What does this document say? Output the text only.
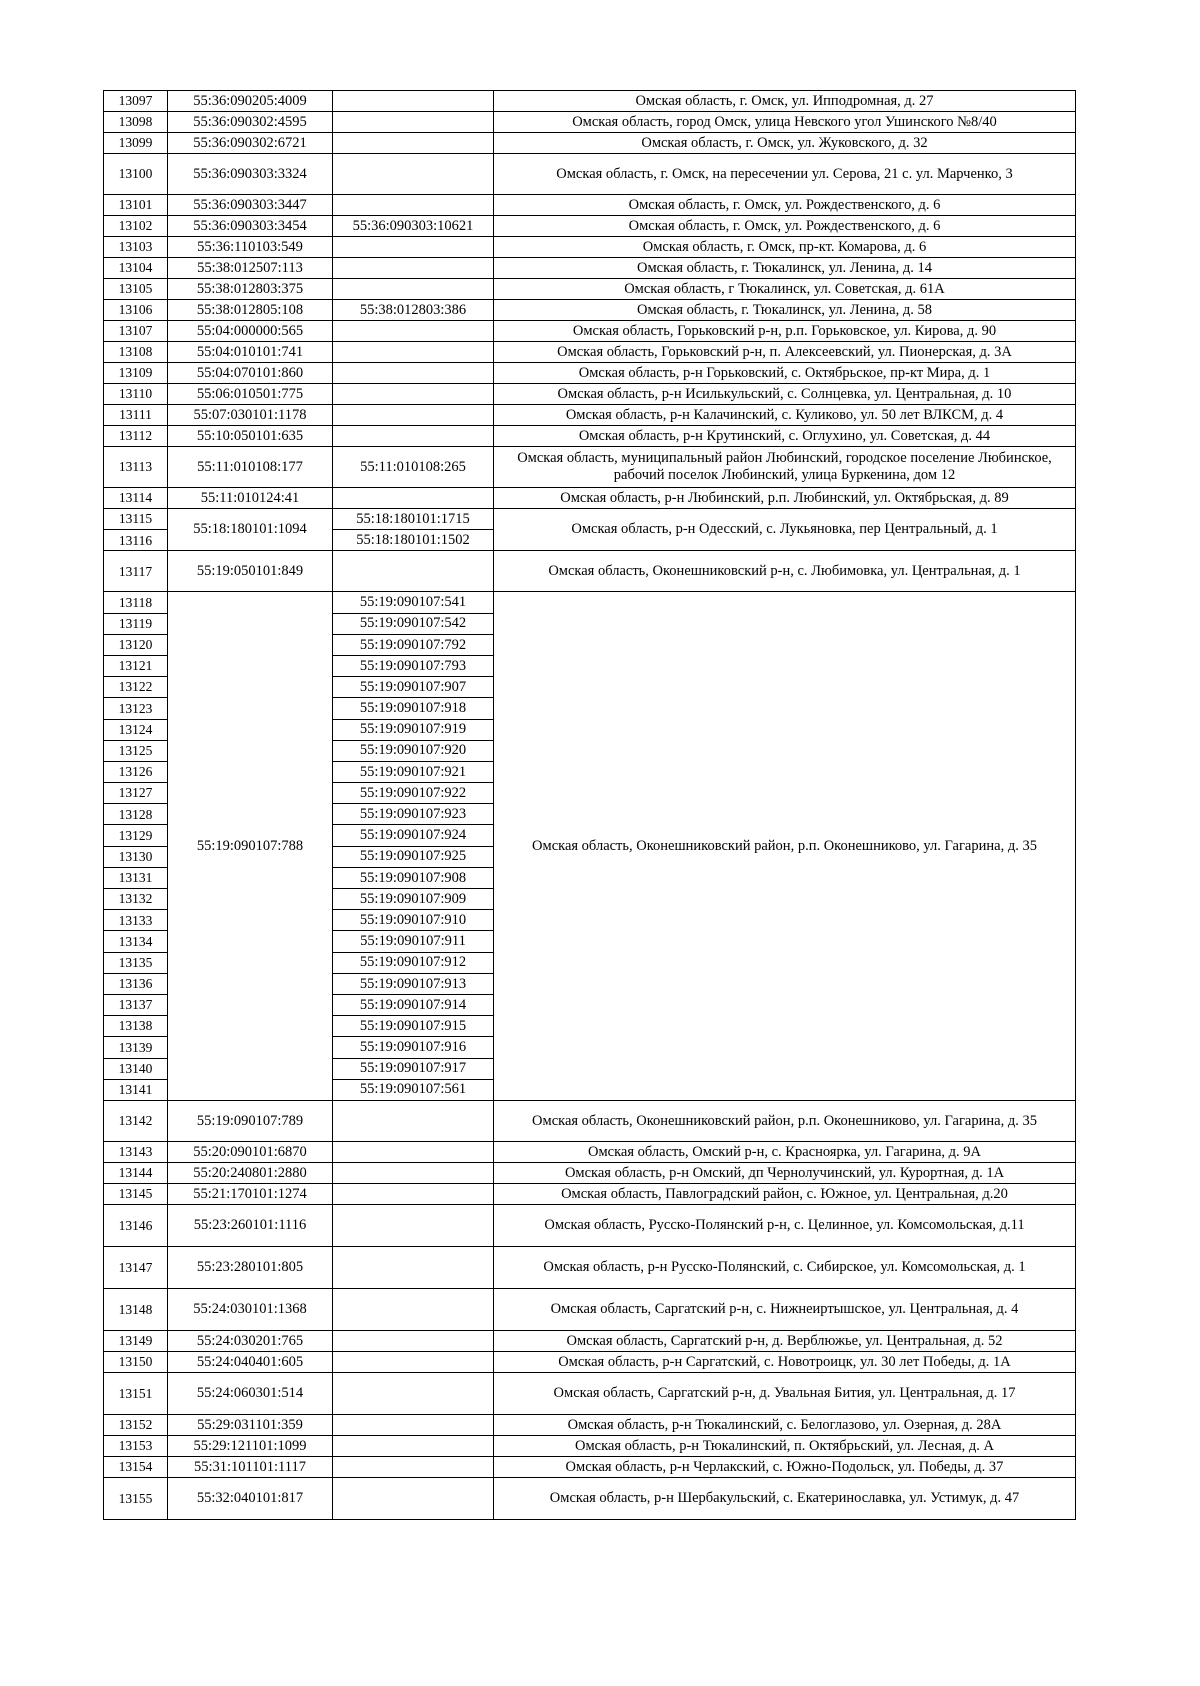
13097	55:36:090205:4009		Омская область, г. Омск, ул. Ипподромная, д. 27
13098	55:36:090302:4595		Омская область, город Омск, улица Невского угол Ушинского №8/40
13099	55:36:090302:6721		Омская область, г. Омск, ул. Жуковского, д. 32
13100	55:36:090303:3324		Омская область, г. Омск, на пересечении ул. Серова, 21 с. ул. Марченко, 3
13101	55:36:090303:3447		Омская область, г. Омск, ул. Рождественского, д. 6
13102	55:36:090303:3454	55:36:090303:10621	Омская область, г. Омск, ул. Рождественского, д. 6
13103	55:36:110103:549		Омская область, г. Омск, пр-кт. Комарова, д. 6
13104	55:38:012507:113		Омская область, г. Тюкалинск, ул. Ленина, д. 14
13105	55:38:012803:375		Омская область, г Тюкалинск, ул. Советская, д. 61А
13106	55:38:012805:108	55:38:012803:386	Омская область, г. Тюкалинск, ул. Ленина, д. 58
13107	55:04:000000:565		Омская область, Горьковский р-н, р.п. Горьковское, ул. Кирова, д. 90
13108	55:04:010101:741		Омская область, Горьковский р-н, п. Алексеевский, ул. Пионерская, д. 3А
13109	55:04:070101:860		Омская область, р-н Горьковский, с. Октябрьское, пр-кт Мира, д. 1
13110	55:06:010501:775		Омская область, р-н Исилькульский, с. Солнцевка, ул. Центральная, д. 10
13111	55:07:030101:1178		Омская область, р-н Калачинский, с. Куликово, ул. 50 лет ВЛКСМ, д. 4
13112	55:10:050101:635		Омская область, р-н Крутинский, с. Оглухино, ул. Советская, д. 44
13113	55:11:010108:177	55:11:010108:265	Омская область, муниципальный район Любинский, городское поселение Любинское, рабочий поселок Любинский, улица Буркенина, дом 12
13114	55:11:010124:41		Омская область, р-н Любинский, р.п. Любинский, ул. Октябрьская, д. 89
13115	55:18:180101:1094	55:18:180101:1715	Омская область, р-н Одесский, с. Лукьяновка, пер Центральный, д. 1
13116		55:18:180101:1502	
13117	55:19:050101:849		Омская область, Оконешниковский р-н, с. Любимовка, ул. Центральная, д. 1
13118	55:19:090107:788	55:19:090107:541	Омская область, Оконешниковский район, р.п. Оконешниково, ул. Гагарина, д. 35
13119		55:19:090107:542	
13120		55:19:090107:792	
13121		55:19:090107:793	
13122		55:19:090107:907	
13123		55:19:090107:918	
13124		55:19:090107:919	
13125		55:19:090107:920	
13126		55:19:090107:921	
13127		55:19:090107:922	
13128		55:19:090107:923	
13129		55:19:090107:924	
13130		55:19:090107:925	
13131		55:19:090107:908	
13132		55:19:090107:909	
13133		55:19:090107:910	
13134		55:19:090107:911	
13135		55:19:090107:912	
13136		55:19:090107:913	
13137		55:19:090107:914	
13138		55:19:090107:915	
13139		55:19:090107:916	
13140		55:19:090107:917	
13141		55:19:090107:561	
13142	55:19:090107:789		Омская область, Оконешниковский район, р.п. Оконешниково, ул. Гагарина, д. 35
13143	55:20:090101:6870		Омская область, Омский р-н, с. Красноярка, ул. Гагарина, д. 9А
13144	55:20:240801:2880		Омская область, р-н Омский, дп Чернолучинский, ул. Курортная, д. 1А
13145	55:21:170101:1274		Омская область, Павлоградский район, с. Южное, ул. Центральная, д.20
13146	55:23:260101:1116		Омская область, Русско-Полянский р-н, с. Целинное, ул. Комсомольская, д.11
13147	55:23:280101:805		Омская область, р-н Русско-Полянский, с. Сибирское, ул. Комсомольская, д. 1
13148	55:24:030101:1368		Омская область, Саргатский р-н, с. Нижнеиртышское, ул. Центральная, д. 4
13149	55:24:030201:765		Омская область, Саргатский р-н, д. Верблюжье, ул. Центральная, д. 52
13150	55:24:040401:605		Омская область, р-н Саргатский, с. Новотроицк, ул. 30 лет Победы, д. 1А
13151	55:24:060301:514		Омская область, Саргатский р-н, д. Увальная Бития, ул. Центральная, д. 17
13152	55:29:031101:359		Омская область, р-н Тюкалинский, с. Белоглазово, ул. Озерная, д. 28А
13153	55:29:121101:1099		Омская область, р-н Тюкалинский, п. Октябрьский, ул. Лесная, д. А
13154	55:31:101101:1117		Омская область, р-н Черлакский, с. Южно-Подольск, ул. Победы, д. 37
13155	55:32:040101:817		Омская область, р-н Шербакульский, с. Екатеринославка, ул. Устимук, д. 47
